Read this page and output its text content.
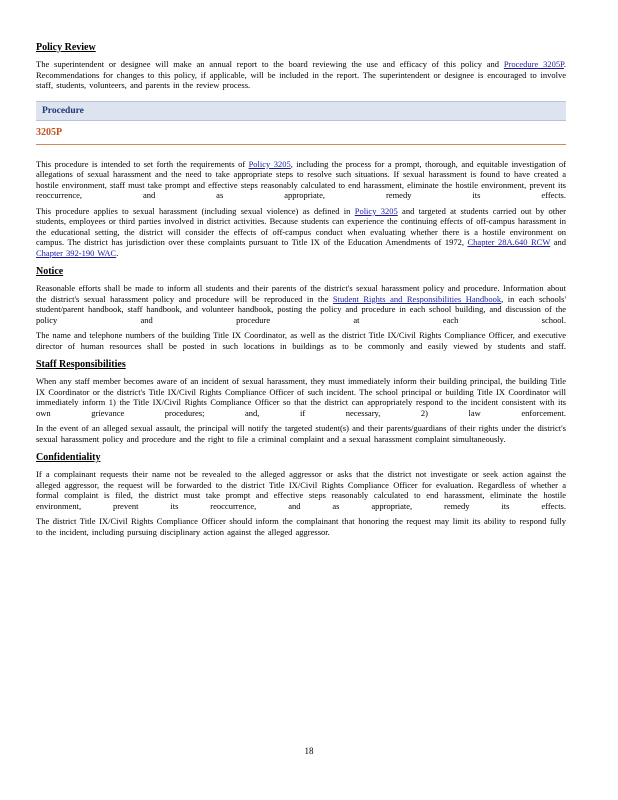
Policy Review

The superintendent or designee will make an annual report to the board reviewing the use and efficacy of this policy and Procedure 3205P. Recommendations for changes to this policy, if applicable, will be included in the report. The superintendent or designee is encouraged to involve staff, students, volunteers, and parents in the review process.

Procedure
3205P

This procedure is intended to set forth the requirements of Policy 3205, including the process for a prompt, thorough, and equitable investigation of allegations of sexual harassment and the need to take appropriate steps to resolve such situations. If sexual harassment is found to have created a hostile environment, staff must take prompt and effective steps reasonably calculated to end harassment, eliminate the hostile environment, prevent its reoccurrence, and as appropriate, remedy its effects.

This procedure applies to sexual harassment (including sexual violence) as defined in Policy 3205 and targeted at students carried out by other students, employees or third parties involved in district activities. Because students can experience the continuing effects of off-campus harassment in the educational setting, the district will consider the effects of off-campus conduct when evaluating whether there is a hostile environment on campus. The district has jurisdiction over these complaints pursuant to Title IX of the Education Amendments of 1972, Chapter 28A.640 RCW and Chapter 392-190 WAC.

Notice

Reasonable efforts shall be made to inform all students and their parents of the district's sexual harassment policy and procedure. Information about the district's sexual harassment policy and procedure will be reproduced in the Student Rights and Responsibilities Handbook, in each schools' student/parent handbook, staff handbook, and volunteer handbook, posting the policy and procedure in each school building, and discussion of the policy and procedure at each school.

The name and telephone numbers of the building Title IX Coordinator, as well as the district Title IX/Civil Rights Compliance Officer, and executive director of human resources shall be posted in such locations in buildings as to be commonly and easily viewed by students and staff.

Staff Responsibilities

When any staff member becomes aware of an incident of sexual harassment, they must immediately inform their building principal, the building Title IX Coordinator or the district's Title IX/Civil Rights Compliance Officer of such incident. The school principal or building Title IX Coordinator will immediately inform 1) the Title IX/Civil Rights Compliance Officer so that the district can appropriately respond to the incident consistent with its own grievance procedures; and, if necessary, 2) law enforcement.

In the event of an alleged sexual assault, the principal will notify the targeted student(s) and their parents/guardians of their rights under the district's sexual harassment policy and procedure and the right to file a criminal complaint and a sexual harassment complaint simultaneously.

Confidentiality

If a complainant requests their name not be revealed to the alleged aggressor or asks that the district not investigate or seek action against the alleged aggressor, the request will be forwarded to the district Title IX/Civil Rights Compliance Officer for evaluation. Regardless of whether a formal complaint is filed, the district must take prompt and effective steps reasonably calculated to end harassment, eliminate the hostile environment, prevent its reoccurrence, and as appropriate, remedy its effects.

The district Title IX/Civil Rights Compliance Officer should inform the complainant that honoring the request may limit its ability to respond fully to the incident, including pursuing disciplinary action against the alleged aggressor.

18
